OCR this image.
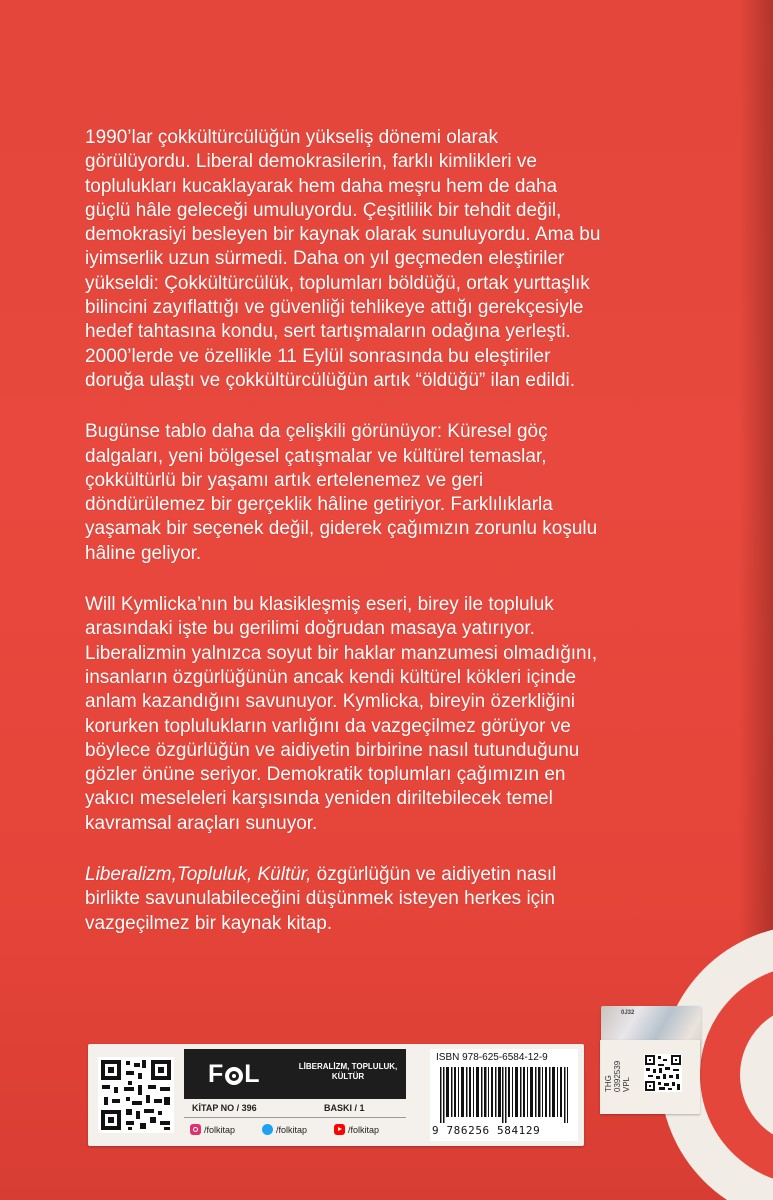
1990’lar çokkültürcülüğün yükseliş dönemi olarak
görülüyordu. Liberal demokrasilerin, farklı kimlikleri ve
toplulukları kucaklayarak hem daha meşru hem de daha
güçlü hâle geleceği umuluyordu. Çeşitlilik bir tehdit değil,
demokrasiyi besleyen bir kaynak olarak sunuluyordu. Ama bu
iyimserlik uzun sürmedi. Daha on yıl geçmeden eleştiriler
yükseldi: Çokkültürcülük, toplumları böldüğü, ortak yurttaşlık
bilincini zayıflattığı ve güvenliği tehlikeye attığı gerekçesiyle
hedef tahtasına kondu, sert tartışmaların odağına yerleşti.
2000’lerde ve özellikle 11 Eylül sonrasında bu eleştiriler
doruğa ulaştı ve çokkültürcülüğün artık “öldüğü” ilan edildi.

Bugünse tablo daha da çelişkili görünüyor: Küresel göç
dalgaları, yeni bölgesel çatışmalar ve kültürel temaslar,
çokkültürlü bir yaşamı artık ertelenemez ve geri
döndürülemez bir gerçeklik hâline getiriyor. Farklılıklarla
yaşamak bir seçenek değil, giderek çağımızın zorunlu koşulu
hâline geliyor.

Will Kymlicka’nın bu klasikleşmiş eseri, birey ile topluluk
arasındaki işte bu gerilimi doğrudan masaya yatırıyor.
Liberalizmin yalnızca soyut bir haklar manzumesi olmadığını,
insanların özgürlüğünün ancak kendi kültürel kökleri içinde
anlam kazandığını savunuyor. Kymlicka, bireyin özerkliğini
korurken toplulukların varlığını da vazgeçilmez görüyor ve
böylece özgürlüğün ve aidiyetin birbirine nasıl tutunduğunu
gözler önüne seriyor. Demokratik toplumları çağımızın en
yakıcı meseleleri karşısında yeniden diriltebilecek temel
kavramsal araçları sunuyor.

Liberalizm,Topluluk, Kültür, özgürlüğün ve aidiyetin nasıl
birlikte savunulabileceğini düşünmek isteyen herkes için
vazgeçilmez bir kaynak kitap.

F L	LİBERALİZM, TOPLULUK,
KÜLTÜR
KİTAP NO / 396	BASKI / 1
/folkitap	/folkitap	/folkitap
ISBN 978-625-6584-12-9
9 786256 584129
0J32
THG 0392539 VPL
